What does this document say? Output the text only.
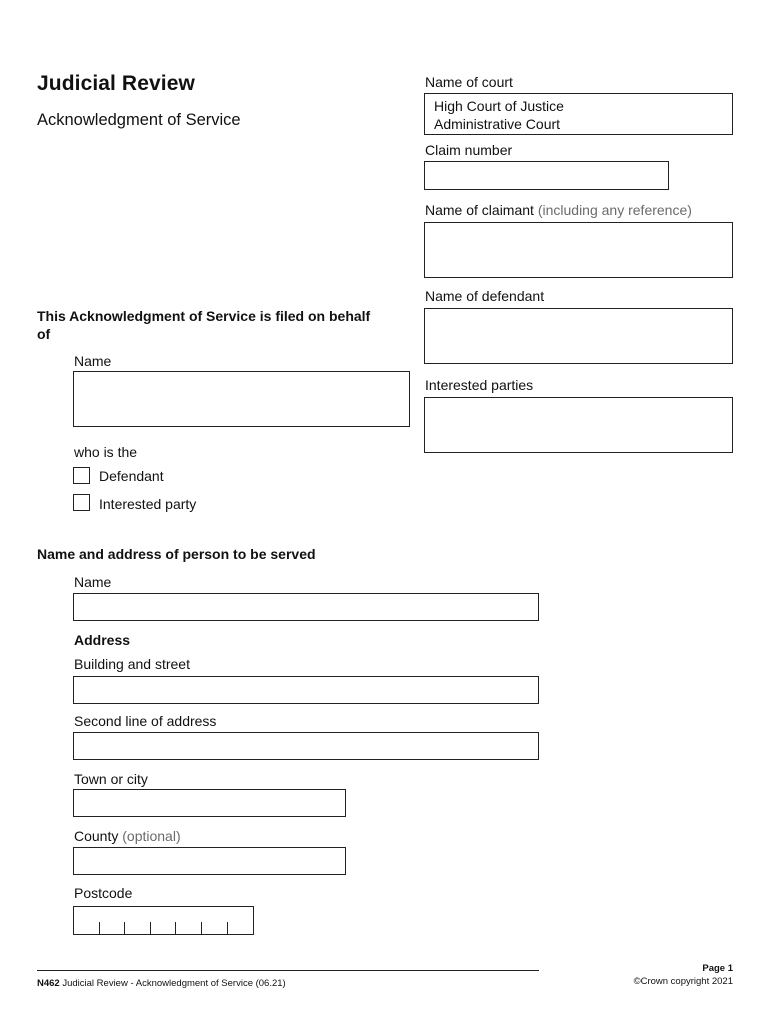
Judicial Review
Acknowledgment of Service
Name of court
High Court of Justice
Administrative Court
Claim number
Name of claimant (including any reference)
Name of defendant
Interested parties
This Acknowledgment of Service is filed on behalf of
Name
who is the
Defendant
Interested party
Name and address of person to be served
Name
Address
Building and street
Second line of address
Town or city
County (optional)
Postcode
N462 Judicial Review - Acknowledgment of Service (06.21)
Page 1
©Crown copyright 2021
